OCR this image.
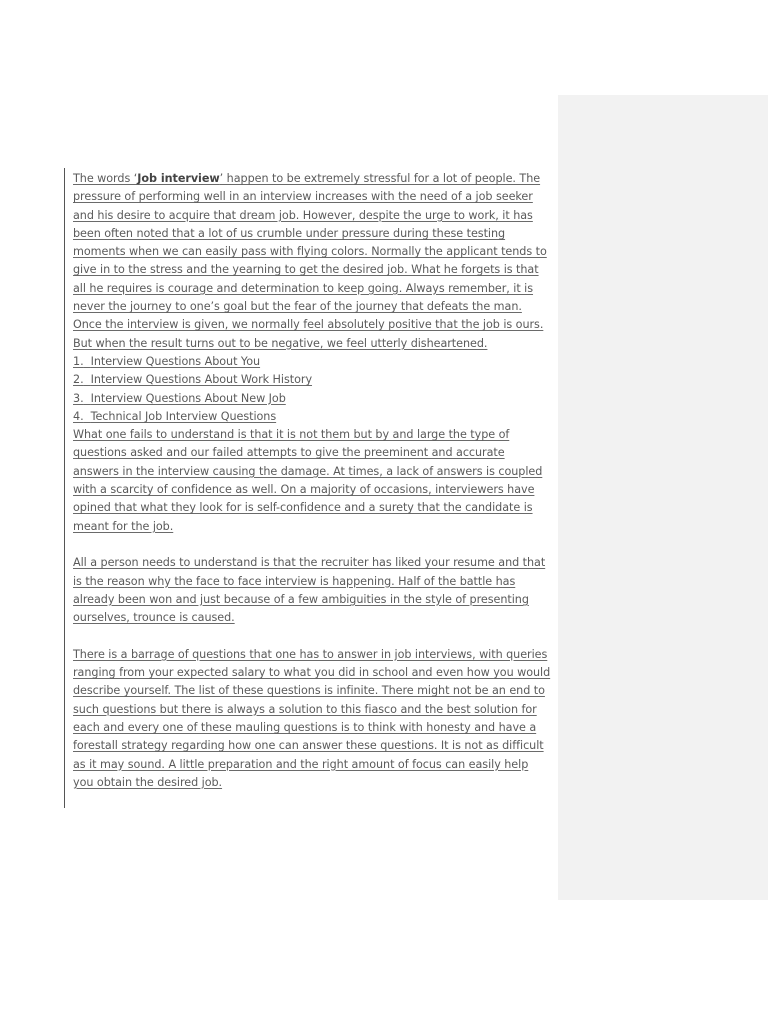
The words ‘Job interview’ happen to be extremely stressful for a lot of people. The pressure of performing well in an interview increases with the need of a job seeker and his desire to acquire that dream job. However, despite the urge to work, it has been often noted that a lot of us crumble under pressure during these testing moments when we can easily pass with flying colors. Normally the applicant tends to give in to the stress and the yearning to get the desired job. What he forgets is that all he requires is courage and determination to keep going. Always remember, it is never the journey to one’s goal but the fear of the journey that defeats the man. Once the interview is given, we normally feel absolutely positive that the job is ours. But when the result turns out to be negative, we feel utterly disheartened.

1. Interview Questions About You

2. Interview Questions About Work History

3. Interview Questions About New Job

4. Technical Job Interview Questions

What one fails to understand is that it is not them but by and large the type of questions asked and our failed attempts to give the preeminent and accurate answers in the interview causing the damage. At times, a lack of answers is coupled with a scarcity of confidence as well. On a majority of occasions, interviewers have opined that what they look for is self-confidence and a surety that the candidate is meant for the job.

All a person needs to understand is that the recruiter has liked your resume and that is the reason why the face to face interview is happening. Half of the battle has already been won and just because of a few ambiguities in the style of presenting ourselves, trounce is caused.

There is a barrage of questions that one has to answer in job interviews, with queries ranging from your expected salary to what you did in school and even how you would describe yourself. The list of these questions is infinite. There might not be an end to such questions but there is always a solution to this fiasco and the best solution for each and every one of these mauling questions is to think with honesty and have a forestall strategy regarding how one can answer these questions. It is not as difficult as it may sound. A little preparation and the right amount of focus can easily help you obtain the desired job.
